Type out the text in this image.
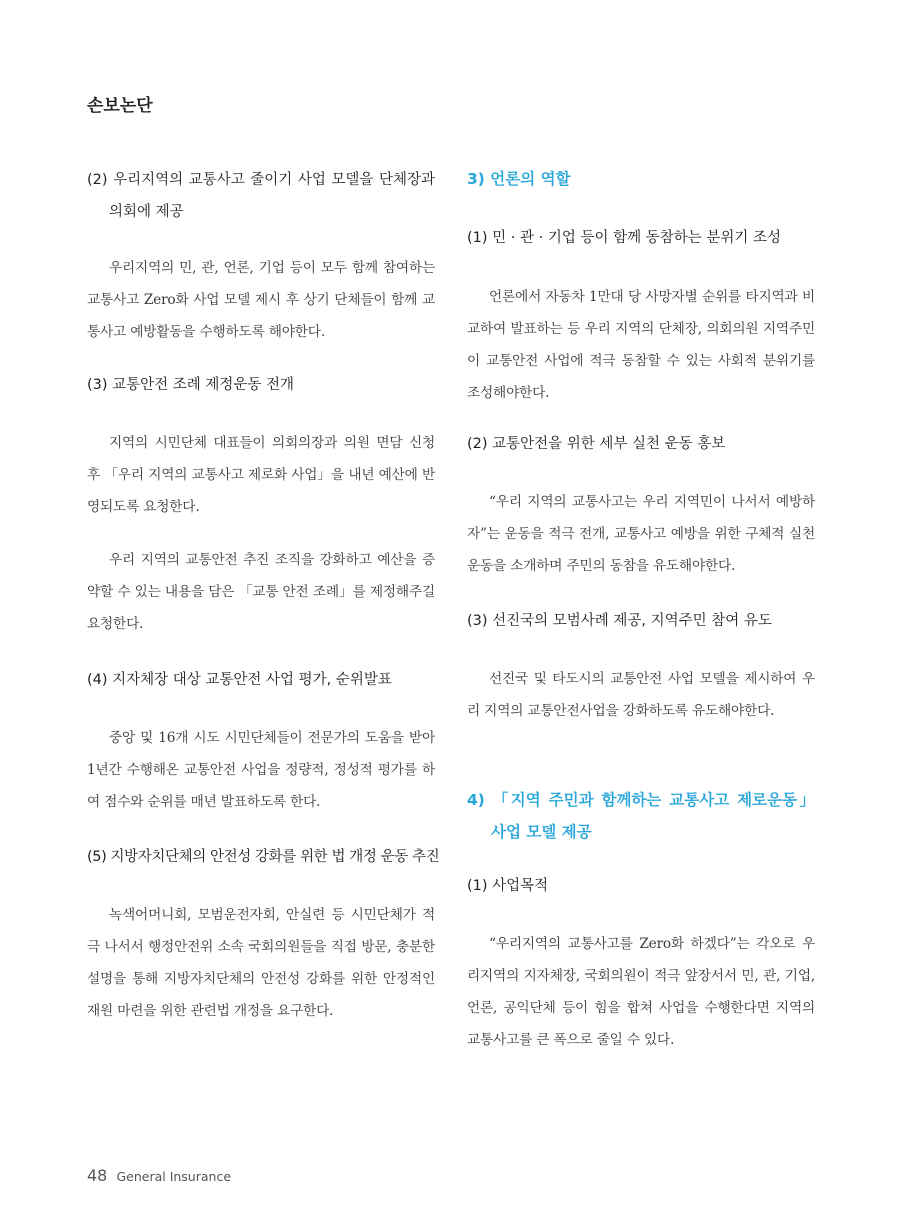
손보논단
(2) 우리지역의 교통사고 줄이기 사업 모델을 단체장과 의회에 제공

우리지역의 민, 관, 언론, 기업 등이 모두 함께 참여하는 교통사고 Zero화 사업 모델 제시 후 상기 단체들이 함께 교통사고 예방활동을 수행하도록 해야한다.

(3) 교통안전 조례 제정운동 전개

지역의 시민단체 대표들이 의회의장과 의원 면담 신청 후 「우리 지역의 교통사고 제로화 사업」을 내년 예산에 반영되도록 요청한다.

우리 지역의 교통안전 추진 조직을 강화하고 예산을 증약할 수 있는 내용을 담은 「교통 안전 조례」를 제정해주길 요청한다.

(4) 지자체장 대상 교통안전 사업 평가, 순위발표

중앙 및 16개 시도 시민단체들이 전문가의 도움을 받아 1년간 수행해온 교통안전 사업을 정량적, 정성적 평가를 하여 점수와 순위를 매년 발표하도록 한다.

(5) 지방자치단체의 안전성 강화를 위한 법 개정 운동 추진

녹색어머니회, 모범운전자회, 안실련 등 시민단체가 적극 나서서 행정안전위 소속 국회의원들을 직접 방문, 충분한 설명을 통해 지방자치단체의 안전성 강화를 위한 안정적인 재원 마련을 위한 관련법 개정을 요구한다.

3) 언론의 역할
(1) 민 · 관 · 기업 등이 함께 동참하는 분위기 조성

언론에서 자동차 1만대 당 사망자별 순위를 타지역과 비교하여 발표하는 등 우리 지역의 단체장, 의회의원 지역주민이 교통안전 사업에 적극 동참할 수 있는 사회적 분위기를 조성해야한다.

(2) 교통안전을 위한 세부 실천 운동 홍보

“우리 지역의 교통사고는 우리 지역민이 나서서 예방하자”는 운동을 적극 전개, 교통사고 예방을 위한 구체적 실천운동을 소개하며 주민의 동참을 유도해야한다.

(3) 선진국의 모범사례 제공, 지역주민 참여 유도

선진국 및 타도시의 교통안전 사업 모델을 제시하여 우리 지역의 교통안전사업을 강화하도록 유도해야한다.

4) 「지역 주민과 함께하는 교통사고 제로운동」 사업 모델 제공
(1) 사업목적

“우리지역의 교통사고를 Zero화 하겠다”는 각오로 우리지역의 지자체장, 국회의원이 적극 앞장서서 민, 관, 기업, 언론, 공익단체 등이 힘을 합쳐 사업을 수행한다면 지역의 교통사고를 큰 폭으로 줄일 수 있다.

48 General Insurance
